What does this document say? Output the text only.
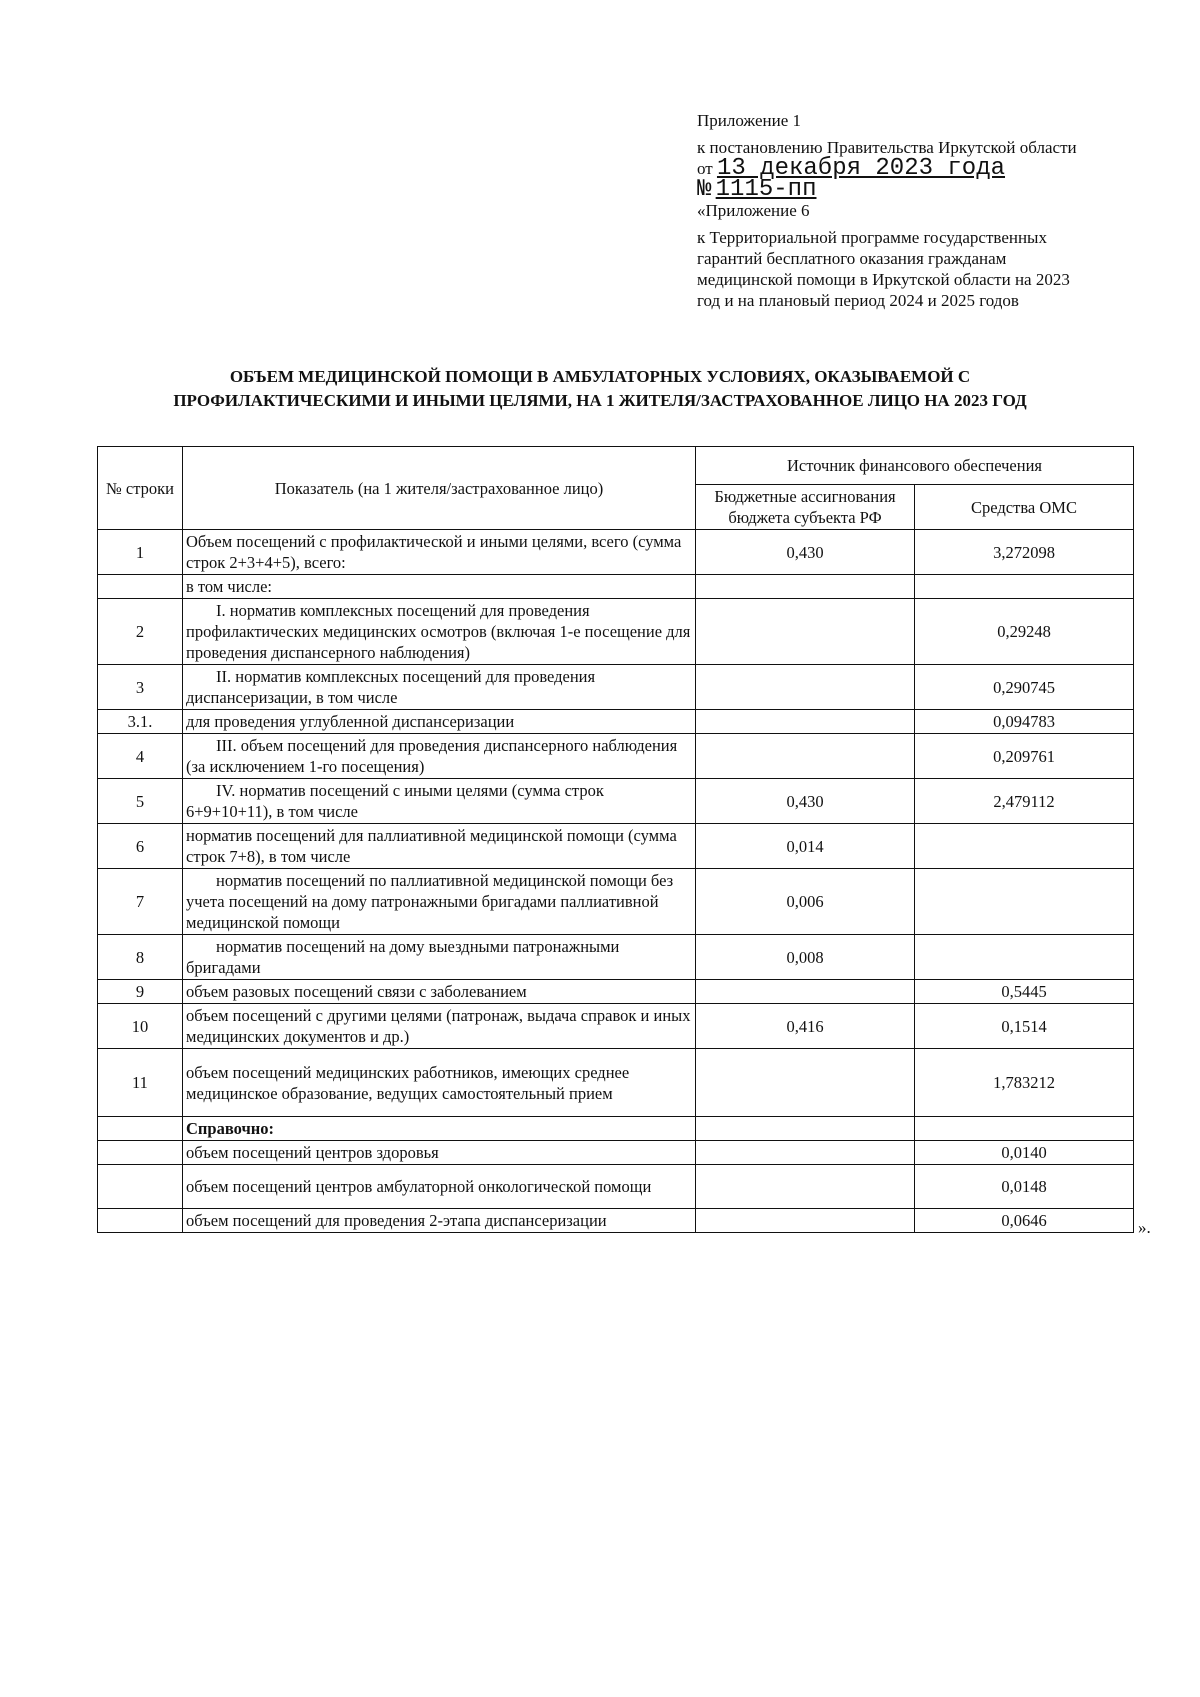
Приложение 1
к постановлению Правительства Иркутской области
от 13 декабря 2023 года
№ 1115-пп
«Приложение 6
к Территориальной программе государственных
гарантий бесплатного оказания гражданам
медицинской помощи в Иркутской области на 2023
год и на плановый период 2024 и 2025 годов
ОБЪЕМ МЕДИЦИНСКОЙ ПОМОЩИ В АМБУЛАТОРНЫХ УСЛОВИЯХ, ОКАЗЫВАЕМОЙ С
ПРОФИЛАКТИЧЕСКИМИ И ИНЫМИ ЦЕЛЯМИ, НА 1 ЖИТЕЛЯ/ЗАСТРАХОВАННОЕ ЛИЦО НА 2023 ГОД
№ строки	Показатель (на 1 жителя/застрахованное лицо)	Источник финансового обеспечения	
		Бюджетные ассигнования бюджета субъекта РФ	Средства ОМС
1	Объем посещений с профилактической и иными целями, всего (сумма строк 2+3+4+5), всего:	0,430	3,272098
	в том числе:		
2	I. норматив комплексных посещений для проведения профилактических медицинских осмотров (включая 1-е посещение для проведения диспансерного наблюдения)		0,29248
3	II. норматив комплексных посещений для проведения диспансеризации, в том числе		0,290745
3.1.	для проведения углубленной диспансеризации		0,094783
4	III. объем посещений для проведения диспансерного наблюдения (за исключением 1-го посещения)		0,209761
5	IV. норматив посещений с иными целями (сумма строк 6+9+10+11), в том числе	0,430	2,479112
6	норматив посещений для паллиативной медицинской помощи (сумма строк 7+8), в том числе	0,014	
7	норматив посещений по паллиативной медицинской помощи без учета посещений на дому патронажными бригадами паллиативной медицинской помощи	0,006	
8	норматив посещений на дому выездными патронажными бригадами	0,008	
9	объем разовых посещений связи с заболеванием		0,5445
10	объем посещений с другими целями (патронаж, выдача справок и иных медицинских документов и др.)	0,416	0,1514
11	объем посещений медицинских работников, имеющих среднее медицинское образование, ведущих самостоятельный прием		1,783212
	Справочно:		
	объем посещений центров здоровья		0,0140
	объем посещений центров амбулаторной онкологической помощи		0,0148
	объем посещений для проведения 2-этапа диспансеризации		0,0646	».
